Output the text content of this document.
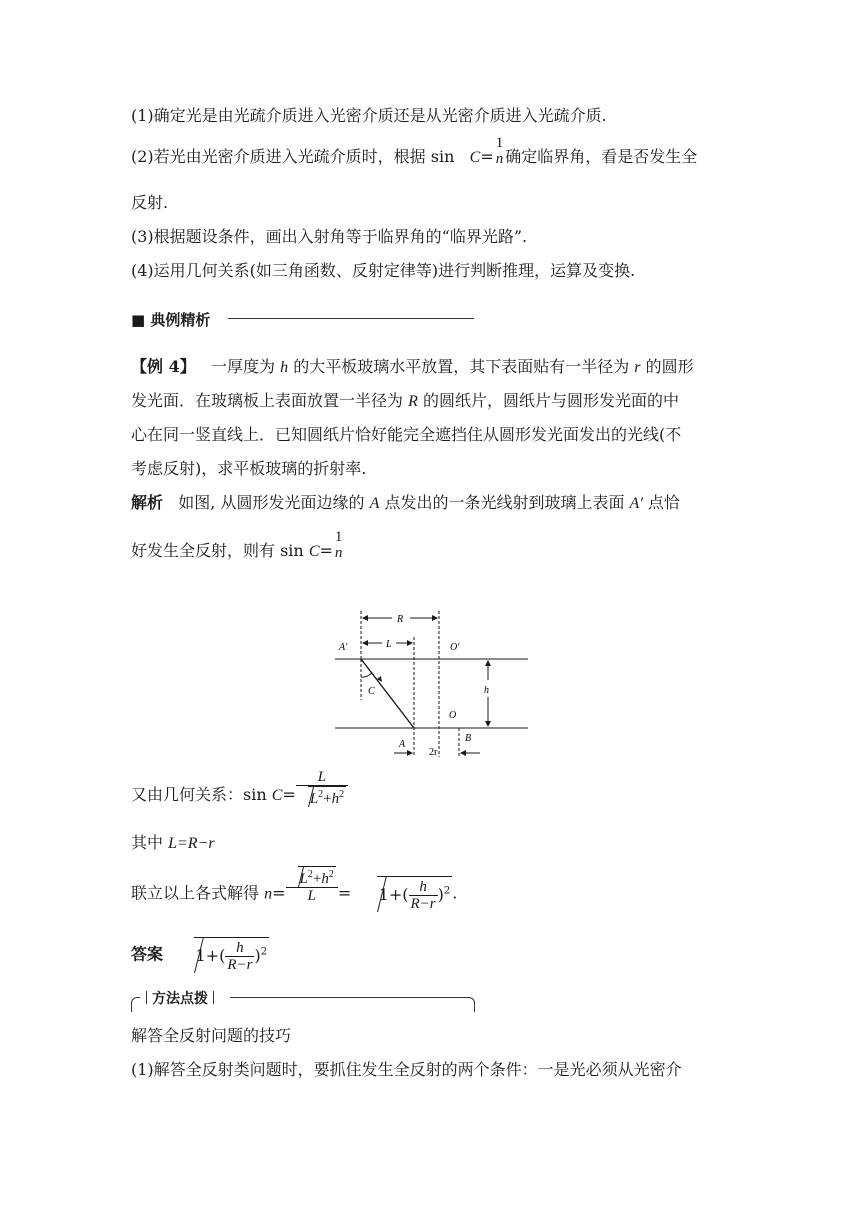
(1)确定光是由光疏介质进入光密介质还是从光密介质进入光疏介质.
(2)若光由光密介质进入光疏介质时，根据 sin C=
1
n 确定临界角，看是否发生全
反射.
(3)根据题设条件，画出入射角等于临界角的“临界光路”.
(4)运用几何关系(如三角函数、反射定律等)进行判断推理，运算及变换.
■ 典例精析
【例 4】 一厚度为 h 的大平板玻璃水平放置，其下表面贴有一半径为 r 的圆形
发光面．在玻璃板上表面放置一半径为 R 的圆纸片，圆纸片与圆形发光面的中
心在同一竖直线上．已知圆纸片恰好能完全遮挡住从圆形发光面发出的光线(不
考虑反射)，求平板玻璃的折射率.
解析 如图, 从圆形发光面边缘的 A 点发出的一条光线射到玻璃上表面 A′ 点恰
好发生全反射，则有 sin C=
1
n
A′
R
L	O′
h
C
O
A
2r
B
又由几何关系：$\sin C= \frac{L}{L^2+h^2}$
其中 L=R−r
联立以上各式解得 $n= \frac{L^2+h^2}{L} = 1+( \frac{h}{R-r} )^2$ .
答案 $1+( \frac{h}{R-r} )^2$
方法点拨
解答全反射问题的技巧
(1)解答全反射类问题时，要抓住发生全反射的两个条件：一是光必须从光密介
